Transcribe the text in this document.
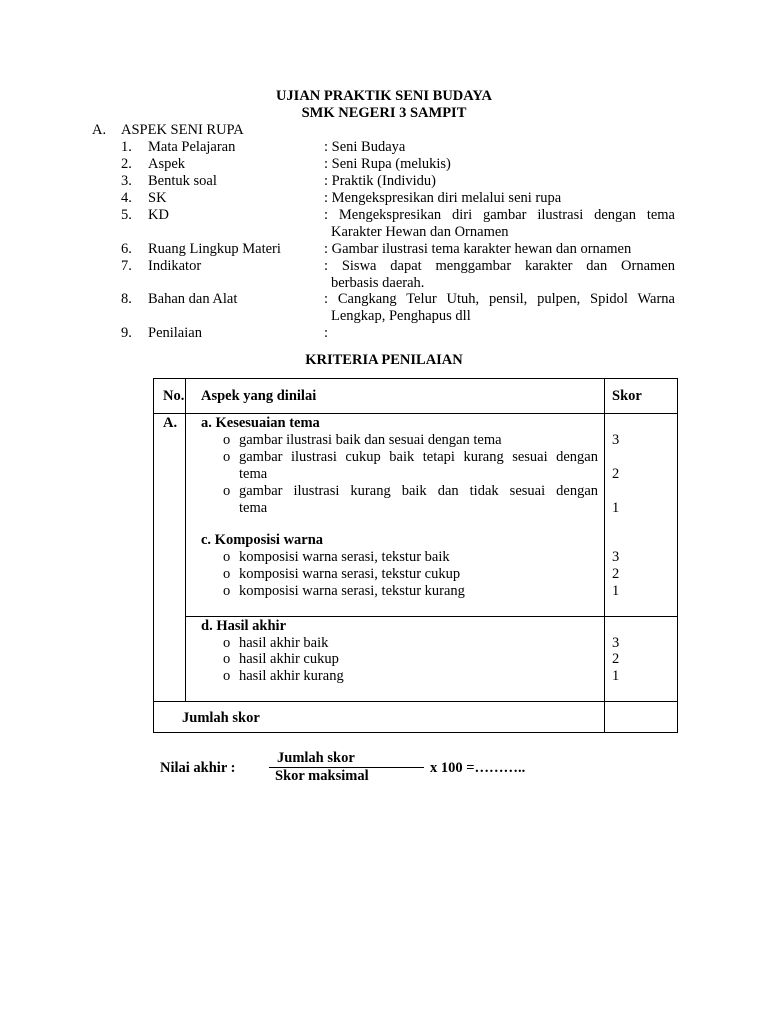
UJIAN PRAKTIK SENI BUDAYA
SMK NEGERI 3 SAMPIT
A. ASPEK SENI RUPA
1. Mata Pelajaran	: Seni Budaya
2. Aspek	: Seni Rupa (melukis)
3. Bentuk soal	: Praktik (Individu)
4. SK	: Mengekspresikan diri melalui seni rupa
5. KD	: Mengekspresikan diri gambar ilustrasi dengan tema
Karakter Hewan dan Ornamen
6. Ruang Lingkup Materi	: Gambar ilustrasi tema karakter hewan dan ornamen
7. Indikator	: Siswa dapat menggambar karakter dan Ornamen
berbasis daerah.
8. Bahan dan Alat	: Cangkang Telur Utuh, pensil, pulpen, Spidol Warna
Lengkap, Penghapus dll
9. Penilaian	:
KRITERIA PENILAIAN
No. Aspek yang dinilai	Skor
A. a. Kesesuaian tema
o gambar ilustrasi baik dan sesuai dengan tema	3
o gambar ilustrasi cukup baik tetapi kurang sesuai dengan
tema	2
o gambar ilustrasi kurang baik dan tidak sesuai dengan
tema	1
c. Komposisi warna
o komposisi warna serasi, tekstur baik	3
o komposisi warna serasi, tekstur cukup	2
o komposisi warna serasi, tekstur kurang	1
d. Hasil akhir
o hasil akhir baik	3
o hasil akhir cukup	2
o hasil akhir kurang	1
Jumlah skor
Nilai akhir :
Jumlah skor
Skor maksimal	x 100 =………..
